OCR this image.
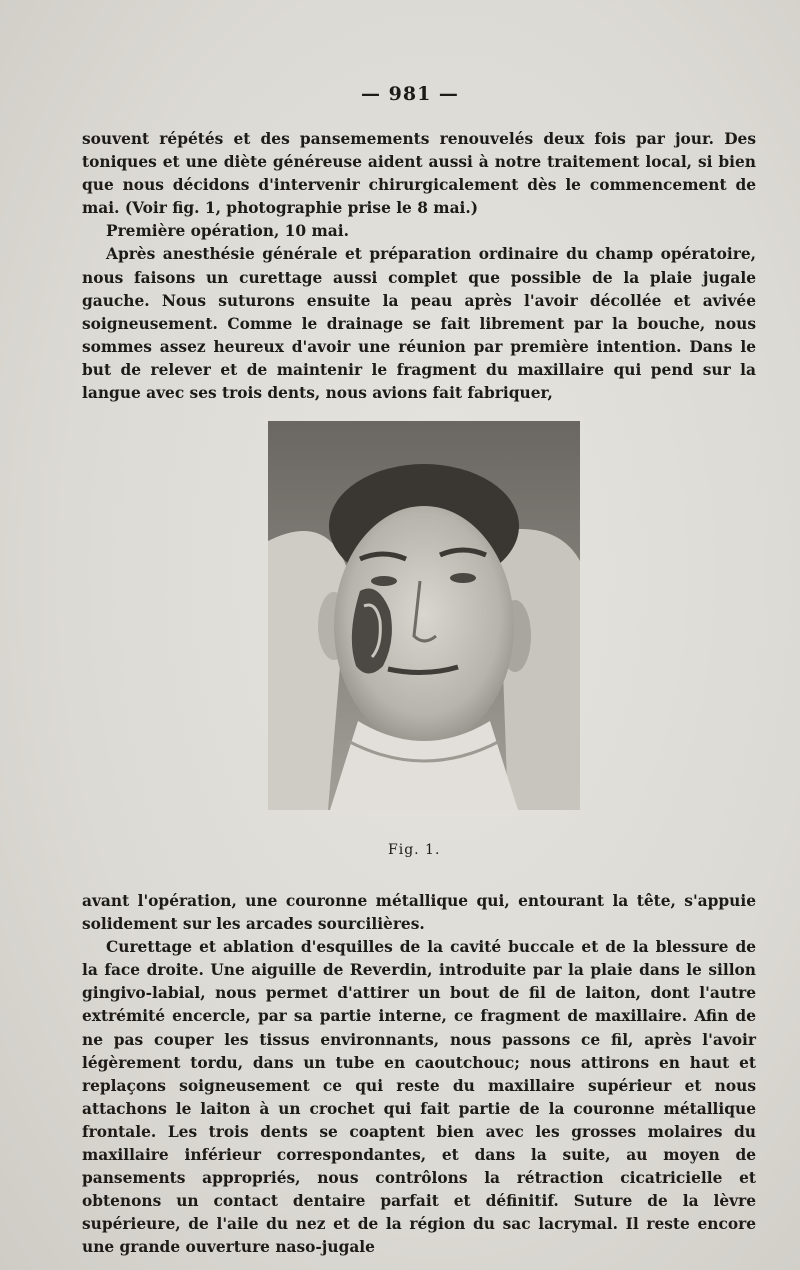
— 981 —

souvent répétés et des pansemements renouvelés deux fois par jour. Des toniques et une diète généreuse aident aussi à notre traitement local, si bien que nous décidons d'intervenir chirurgicalement dès le commencement de mai. (Voir fig. 1, photographie prise le 8 mai.)

Première opération, 10 mai.

Après anesthésie générale et préparation ordinaire du champ opératoire, nous faisons un curettage aussi complet que possible de la plaie jugale gauche. Nous suturons ensuite la peau après l'avoir décollée et avivée soigneusement. Comme le drainage se fait librement par la bouche, nous sommes assez heureux d'avoir une réunion par première intention. Dans le but de relever et de maintenir le fragment du maxillaire qui pend sur la langue avec ses trois dents, nous avions fait fabriquer,

Fig. 1.

avant l'opération, une couronne métallique qui, entourant la tête, s'appuie solidement sur les arcades sourcilières.

Curettage et ablation d'esquilles de la cavité buccale et de la blessure de la face droite. Une aiguille de Reverdin, introduite par la plaie dans le sillon gingivo-labial, nous permet d'attirer un bout de fil de laiton, dont l'autre extrémité encercle, par sa partie interne, ce fragment de maxillaire. Afin de ne pas couper les tissus environnants, nous passons ce fil, après l'avoir légèrement tordu, dans un tube en caoutchouc; nous attirons en haut et replaçons soigneusement ce qui reste du maxillaire supérieur et nous attachons le laiton à un crochet qui fait partie de la couronne métallique frontale. Les trois dents se coaptent bien avec les grosses molaires du maxillaire inférieur correspondantes, et dans la suite, au moyen de pansements appropriés, nous contrôlons la rétraction cicatricielle et obtenons un contact dentaire parfait et définitif. Suture de la lèvre supérieure, de l'aile du nez et de la région du sac lacrymal. Il reste encore une grande ouverture naso-jugale
